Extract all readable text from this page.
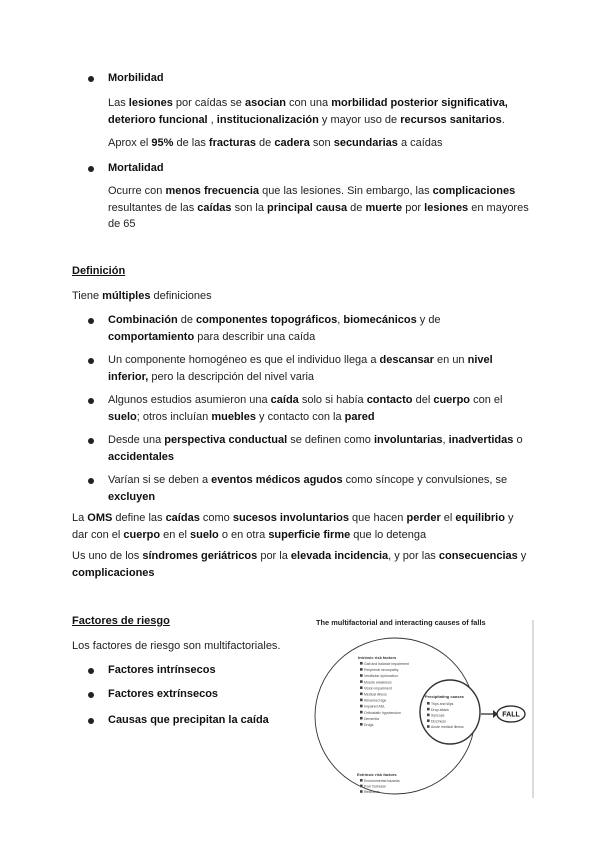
Morbilidad
Las lesiones por caídas se asocian con una morbilidad posterior significativa, deterioro funcional , institucionalización y mayor uso de recursos sanitarios.
Aprox el 95% de las fracturas de cadera son secundarias a caídas
Mortalidad
Ocurre con menos frecuencia que las lesiones. Sin embargo, las complicaciones resultantes de las caídas son la principal causa de muerte por lesiones en mayores de 65
Definición
Tiene múltiples definiciones
Combinación de componentes topográficos, biomecánicos y de comportamiento para describir una caída
Un componente homogéneo es que el individuo llega a descansar en un nivel inferior, pero la descripción del nivel varia
Algunos estudios asumieron una caída solo si había contacto del cuerpo con el suelo; otros incluían muebles y contacto con la pared
Desde una perspectiva conductual se definen como involuntarias, inadvertidas o accidentales
Varían si se deben a eventos médicos agudos como síncope y convulsiones, se excluyen
La OMS define las caídas como sucesos involuntarios que hacen perder el equilibrio y dar con el cuerpo en el suelo o en otra superficie firme que lo detenga
Us uno de los síndromes geriátricos por la elevada incidencia, y por las consecuencias y complicaciones
Factores de riesgo
Los factores de riesgo son multifactoriales.
Factores intrínsecos
Factores extrínsecos
Causas que precipitan la caída
The multifactorial and interacting causes of falls
Intrinsic risk factors
Gait and balance impairment
Peripheral neuropathy
Vestibular dysfunction
Muscle weakness
Vision impairment
Medical illness
Advanced age
Impaired ADL
Orthostatic hypotension
Dementia
Drugs
Extrinsic risk factors
Environmental hazards
Poor footwear
Restraints
Precipitating causes
Trips and slips
Drop attack
Syncope
Dizziness
Acute medical illness
FALL
